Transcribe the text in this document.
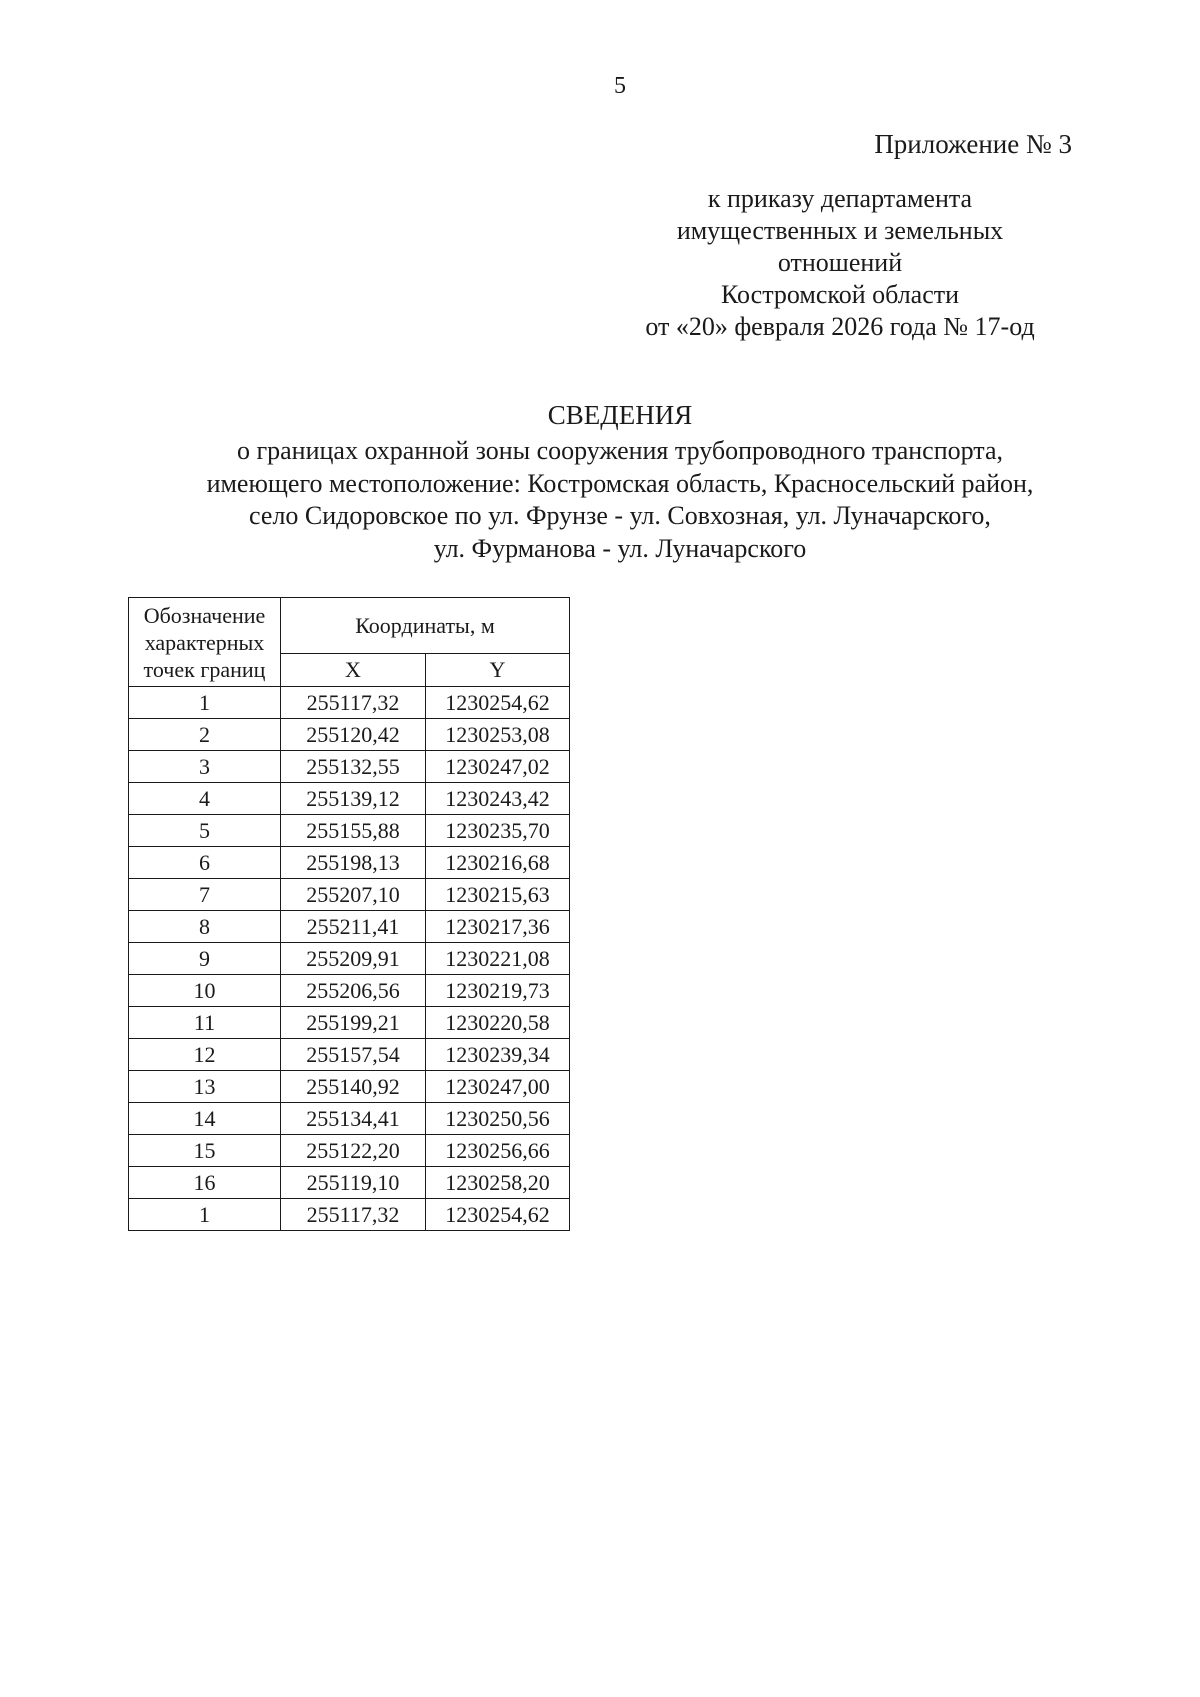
5
Приложение № 3
к приказу департамента
имущественных и земельных
отношений
Костромской области
от «20» февраля 2026 года № 17-од
СВЕДЕНИЯ
о границах охранной зоны сооружения трубопроводного транспорта,
имеющего местоположение: Костромская область, Красносельский район,
село Сидоровское по ул. Фрунзе - ул. Совхозная, ул. Луначарского,
ул. Фурманова - ул. Луначарского
Обозначение
характерных
точек границ	Координаты, м	
	X	Y
1	255117,32	1230254,62
2	255120,42	1230253,08
3	255132,55	1230247,02
4	255139,12	1230243,42
5	255155,88	1230235,70
6	255198,13	1230216,68
7	255207,10	1230215,63
8	255211,41	1230217,36
9	255209,91	1230221,08
10	255206,56	1230219,73
11	255199,21	1230220,58
12	255157,54	1230239,34
13	255140,92	1230247,00
14	255134,41	1230250,56
15	255122,20	1230256,66
16	255119,10	1230258,20
1	255117,32	1230254,62
